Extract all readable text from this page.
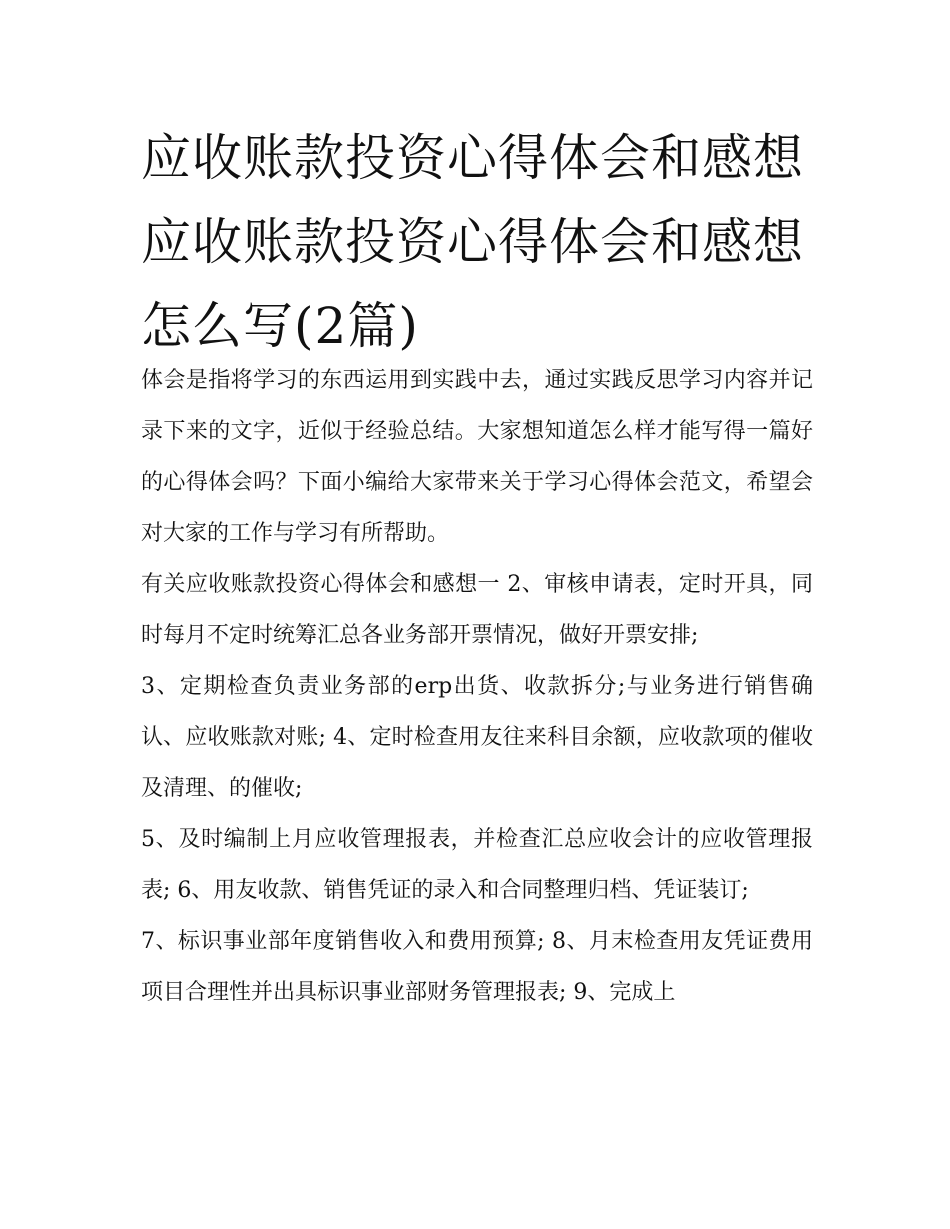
应收账款投资心得体会和感想应收账款投资心得体会和感想怎么写(2篇)

体会是指将学习的东西运用到实践中去，通过实践反思学习内容并记录下来的文字，近似于经验总结。大家想知道怎么样才能写得一篇好的心得体会吗？下面小编给大家带来关于学习心得体会范文，希望会对大家的工作与学习有所帮助。

有关应收账款投资心得体会和感想一 2、审核申请表，定时开具，同时每月不定时统筹汇总各业务部开票情况，做好开票安排;

3、定期检查负责业务部的erp出货、收款拆分;与业务进行销售确认、应收账款对账; 4、定时检查用友往来科目余额，应收款项的催收及清理、的催收;

5、及时编制上月应收管理报表，并检查汇总应收会计的应收管理报表; 6、用友收款、销售凭证的录入和合同整理归档、凭证装订;

7、标识事业部年度销售收入和费用预算; 8、月末检查用友凭证费用项目合理性并出具标识事业部财务管理报表; 9、完成上
